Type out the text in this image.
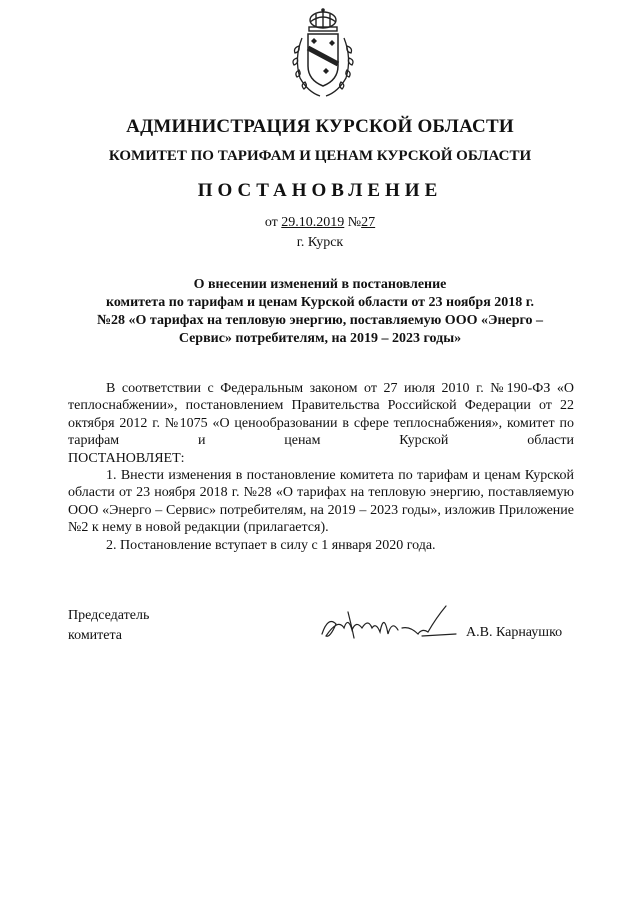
АДМИНИСТРАЦИЯ КУРСКОЙ ОБЛАСТИ
КОМИТЕТ ПО ТАРИФАМ И ЦЕНАМ КУРСКОЙ ОБЛАСТИ
ПОСТАНОВЛЕНИЕ
от 29.10.2019 №27
г. Курск
О внесении изменений в постановление
комитета по тарифам и ценам Курской области от 23 ноября 2018 г.
№28 «О тарифах на тепловую энергию, поставляемую ООО «Энерго –
Сервис» потребителям, на 2019 – 2023 годы»

В соответствии с Федеральным законом от 27 июля 2010 г. №190-ФЗ «О теплоснабжении», постановлением Правительства Российской Федерации от 22 октября 2012 г. №1075 «О ценообразовании в сфере теплоснабжения», комитет по тарифам и ценам Курской области

ПОСТАНОВЛЯЕТ:

1. Внести изменения в постановление комитета по тарифам и ценам Курской области от 23 ноября 2018 г. №28 «О тарифах на тепловую энергию, поставляемую ООО «Энерго – Сервис» потребителям, на 2019 – 2023 годы», изложив Приложение №2 к нему в новой редакции (прилагается).

2. Постановление вступает в силу с 1 января 2020 года.

Председатель
комитета	А.В. Карнаушко
